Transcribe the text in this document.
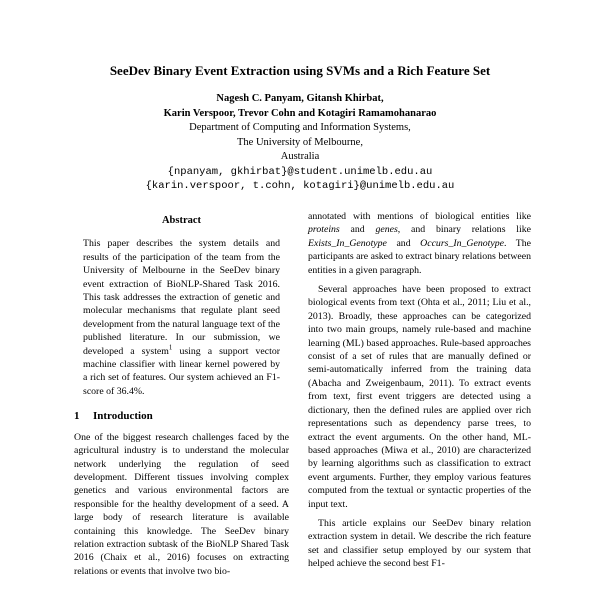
SeeDev Binary Event Extraction using SVMs and a Rich Feature Set
Nagesh C. Panyam, Gitansh Khirbat,
Karin Verspoor, Trevor Cohn and Kotagiri Ramamohanarao
Department of Computing and Information Systems,
The University of Melbourne,
Australia
{npanyam, gkhirbat}@student.unimelb.edu.au
{karin.verspoor, t.cohn, kotagiri}@unimelb.edu.au
Abstract
This paper describes the system details and results of the participation of the team from the University of Melbourne in the SeeDev binary event extraction of BioNLP-Shared Task 2016. This task addresses the extraction of genetic and molecular mechanisms that regulate plant seed development from the natural language text of the published literature. In our submission, we developed a system$^1$ using a support vector machine classifier with linear kernel powered by a rich set of features. Our system achieved an F1-score of 36.4%.
1 Introduction

One of the biggest research challenges faced by the agricultural industry is to understand the molecular network underlying the regulation of seed development. Different tissues involving complex genetics and various environmental factors are responsible for the healthy development of a seed. A large body of research literature is available containing this knowledge. The SeeDev binary relation extraction subtask of the BioNLP Shared Task 2016 (Chaix et al., 2016) focuses on extracting relations or events that involve two bio-

annotated with mentions of biological entities like proteins and genes, and binary relations like Exists_In_Genotype and Occurs_In_Genotype. The participants are asked to extract binary relations between entities in a given paragraph.

Several approaches have been proposed to extract biological events from text (Ohta et al., 2011; Liu et al., 2013). Broadly, these approaches can be categorized into two main groups, namely rule-based and machine learning (ML) based approaches. Rule-based approaches consist of a set of rules that are manually defined or semi-automatically inferred from the training data (Abacha and Zweigenbaum, 2011). To extract events from text, first event triggers are detected using a dictionary, then the defined rules are applied over rich representations such as dependency parse trees, to extract the event arguments. On the other hand, ML-based approaches (Miwa et al., 2010) are characterized by learning algorithms such as classification to extract event arguments. Further, they employ various features computed from the textual or syntactic properties of the input text.

This article explains our SeeDev binary relation extraction system in detail. We describe the rich feature set and classifier setup employed by our system that helped achieve the second best F1-
